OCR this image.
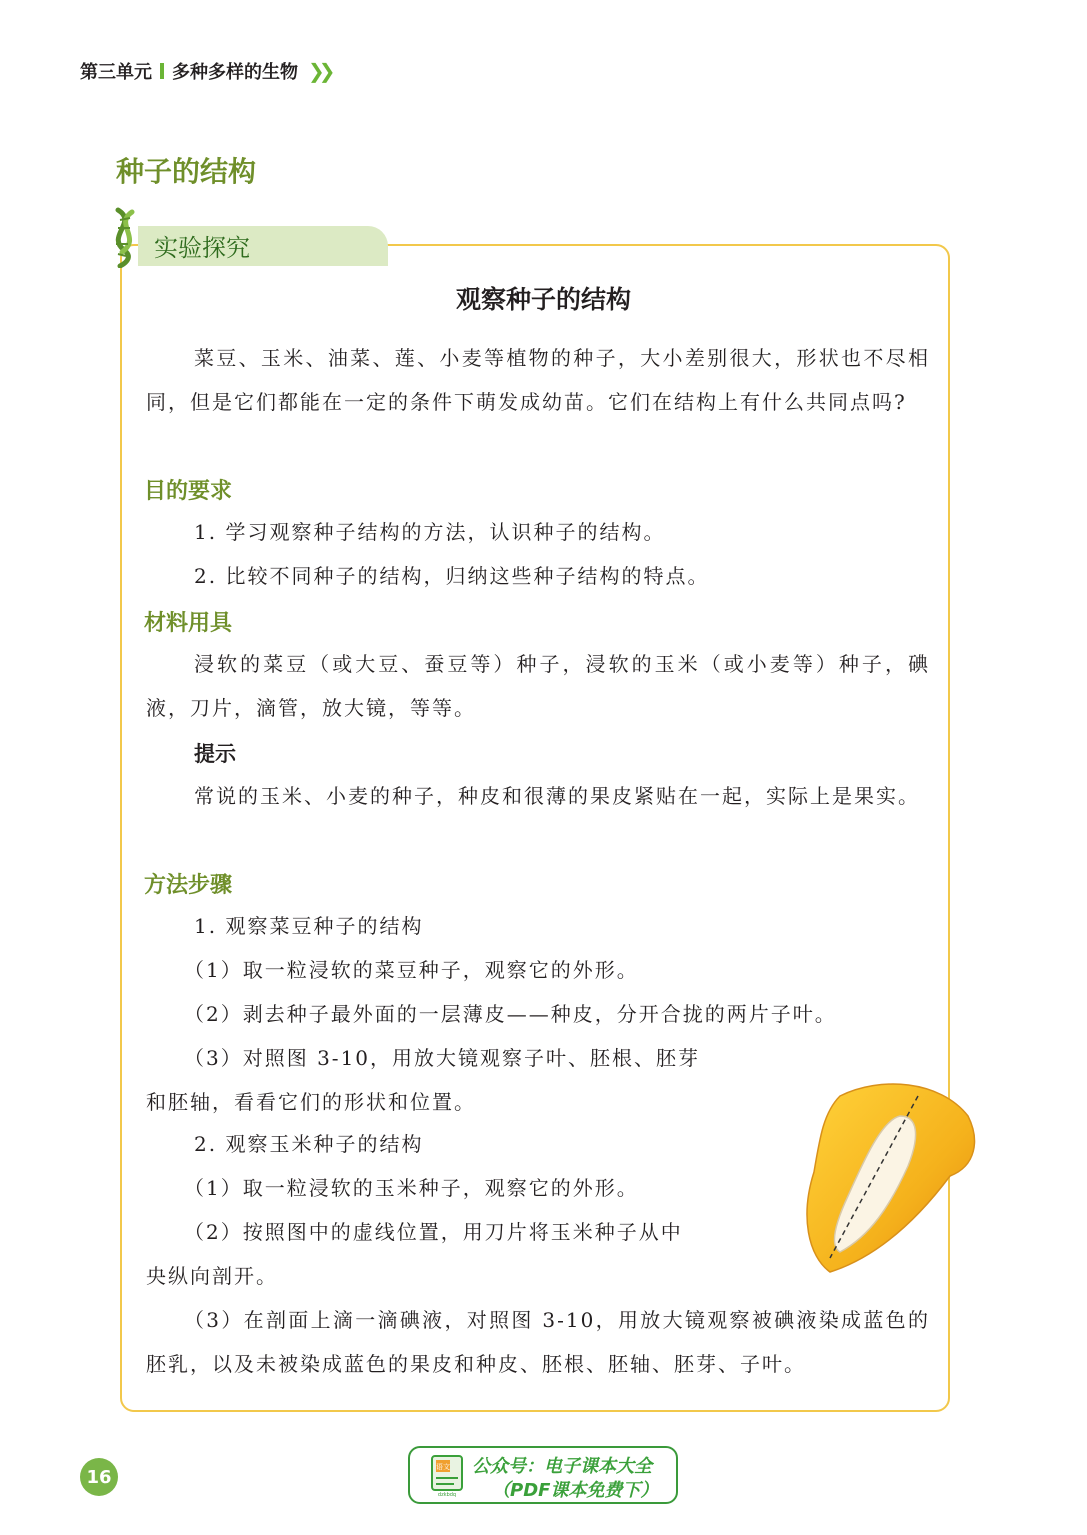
第三单元 多种多样的生物 ❯❯
种子的结构
实验探究
观察种子的结构
菜豆、玉米、油菜、莲、小麦等植物的种子，大小差别很大，形状也不尽相同，但是它们都能在一定的条件下萌发成幼苗。它们在结构上有什么共同点吗?
目的要求
1. 学习观察种子结构的方法，认识种子的结构。
2. 比较不同种子的结构，归纳这些种子结构的特点。
材料用具
浸软的菜豆（或大豆、蚕豆等）种子，浸软的玉米（或小麦等）种子，碘液，刀片，滴管，放大镜，等等。
提示
常说的玉米、小麦的种子，种皮和很薄的果皮紧贴在一起，实际上是果实。
方法步骤
1. 观察菜豆种子的结构
（1）取一粒浸软的菜豆种子，观察它的外形。
（2）剥去种子最外面的一层薄皮——种皮，分开合拢的两片子叶。
（3）对照图 3-10，用放大镜观察子叶、胚根、胚芽
和胚轴，看看它们的形状和位置。
2. 观察玉米种子的结构
（1）取一粒浸软的玉米种子，观察它的外形。
（2）按照图中的虚线位置，用刀片将玉米种子从中
央纵向剖开。
（3）在剖面上滴一滴碘液，对照图 3-10，用放大镜观察被碘液染成蓝色的胚乳，以及未被染成蓝色的果皮和种皮、胚根、胚轴、胚芽、子叶。
16	语文
dzkbdq
公众号：电子课本大全
（PDF课本免费下）
